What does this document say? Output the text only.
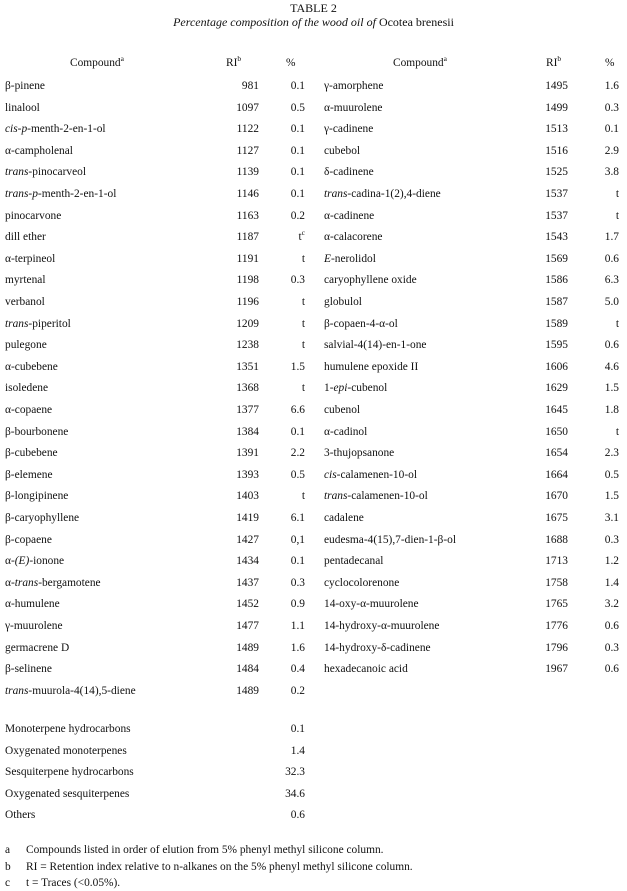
TABLE 2
Percentage composition of the wood oil of Ocotea brenesii
Compound$^a$	$RI^b$	%	Compound$^a$	$RI^b$	%
β-pinene	981	0.1
linalool	1097	0.5
cis-p-menth-2-en-1-ol	1122	0.1
α-campholenal	1127	0.1
trans-pinocarveol	1139	0.1
trans-p-menth-2-en-1-ol	1146	0.1
pinocarvone	1163	0.2
dill ether	1187	$t^c$
α-terpineol	1191	t
myrtenal	1198	0.3
verbanol	1196	t
trans-piperitol	1209	t
pulegone	1238	t
α-cubebene	1351	1.5
isoledene	1368	t
α-copaene	1377	6.6
β-bourbonene	1384	0.1
β-cubebene	1391	2.2
β-elemene	1393	0.5
β-longipinene	1403	t
β-caryophyllene	1419	6.1
β-copaene	1427	0,1
α-(E)-ionone	1434	0.1
α-trans-bergamotene	1437	0.3
α-humulene	1452	0.9
γ-muurolene	1477	1.1
germacrene D	1489	1.6
β-selinene	1484	0.4
trans-muurola-4(14),5-diene	1489	0.2
γ-amorphene	1495	1.6
α-muurolene	1499	0.3
γ-cadinene	1513	0.1
cubebol	1516	2.9
δ-cadinene	1525	3.8
trans-cadina-1(2),4-diene	1537	t
α-cadinene	1537	t
α-calacorene	1543	1.7
E-nerolidol	1569	0.6
caryophyllene oxide	1586	6.3
globulol	1587	5.0
β-copaen-4-α-ol	1589	t
salvial-4(14)-en-1-one	1595	0.6
humulene epoxide II	1606	4.6
1-epi-cubenol	1629	1.5
cubenol	1645	1.8
α-cadinol	1650	t
3-thujopsanone	1654	2.3
cis-calamenen-10-ol	1664	0.5
trans-calamenen-10-ol	1670	1.5
cadalene	1675	3.1
eudesma-4(15),7-dien-1-β-ol	1688	0.3
pentadecanal	1713	1.2
cyclocolorenone	1758	1.4
14-oxy-α-muurolene	1765	3.2
14-hydroxy-α-muurolene	1776	0.6
14-hydroxy-δ-cadinene	1796	0.3
hexadecanoic acid	1967	0.6
Monoterpene hydrocarbons	0.1
Oxygenated monoterpenes	1.4
Sesquiterpene hydrocarbons	32.3
Oxygenated sesquiterpenes	34.6
Others	0.6
a Compounds listed in order of elution from 5% phenyl methyl silicone column.
b RI = Retention index relative to n-alkanes on the 5% phenyl methyl silicone column.
c t = Traces (<0.05%).
